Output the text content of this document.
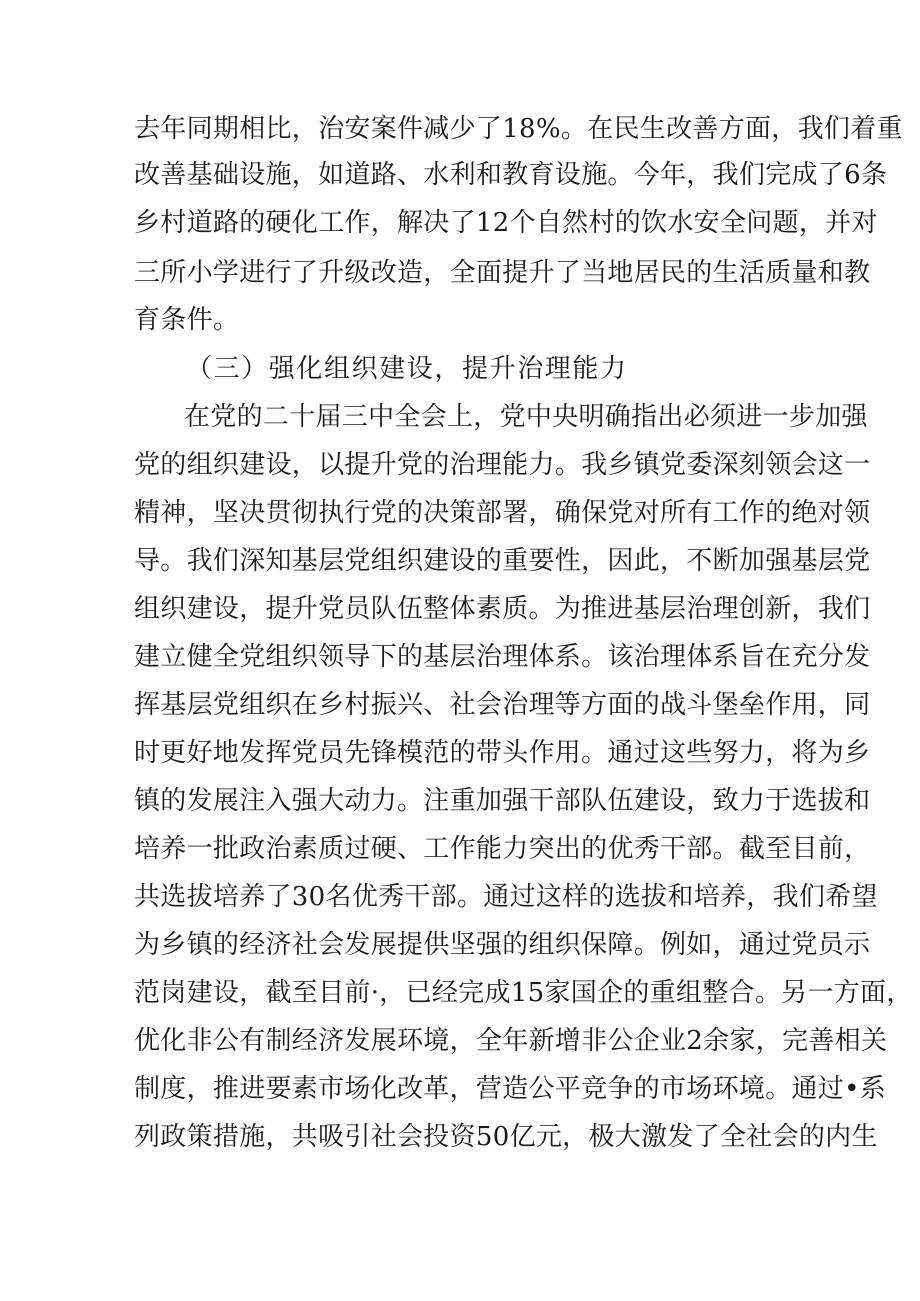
去年同期相比，治安案件减少了18%。在民生改善方面，我们着重
改善基础设施，如道路、水利和教育设施。今年，我们完成了6条
乡村道路的硬化工作，解决了12个自然村的饮水安全问题，并对
三所小学进行了升级改造，全面提升了当地居民的生活质量和教
育条件。
（三）强化组织建设，提升治理能力
在党的二十届三中全会上，党中央明确指出必须进一步加强
党的组织建设，以提升党的治理能力。我乡镇党委深刻领会这一
精神，坚决贯彻执行党的决策部署，确保党对所有工作的绝对领
导。我们深知基层党组织建设的重要性，因此，不断加强基层党
组织建设，提升党员队伍整体素质。为推进基层治理创新，我们
建立健全党组织领导下的基层治理体系。该治理体系旨在充分发
挥基层党组织在乡村振兴、社会治理等方面的战斗堡垒作用，同
时更好地发挥党员先锋模范的带头作用。通过这些努力，将为乡
镇的发展注入强大动力。注重加强干部队伍建设，致力于选拔和
培养一批政治素质过硬、工作能力突出的优秀干部。截至目前，
共选拔培养了30名优秀干部。通过这样的选拔和培养，我们希望
为乡镇的经济社会发展提供坚强的组织保障。例如，通过党员示
范岗建设，截至目前·，已经完成15家国企的重组整合。另一方面，
优化非公有制经济发展环境，全年新增非公企业2余家，完善相关
制度，推进要素市场化改革，营造公平竞争的市场环境。通过•系
列政策措施，共吸引社会投资50亿元，极大激发了全社会的内生
